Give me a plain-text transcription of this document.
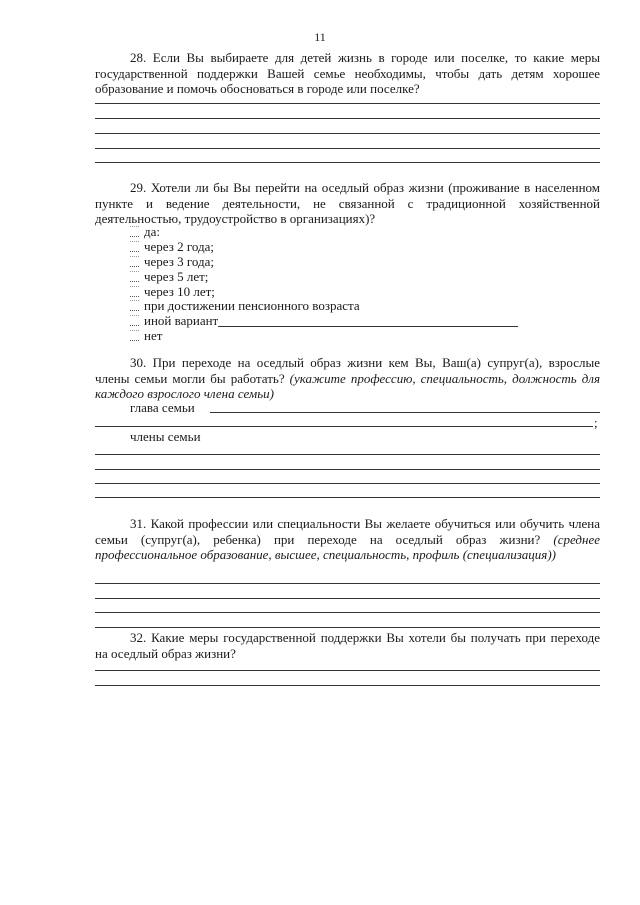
11

28. Если Вы выбираете для детей жизнь в городе или поселке, то какие меры государственной поддержки Вашей семье необходимы, чтобы дать детям хорошее образование и помочь обосноваться в городе или поселке?

29. Хотели ли бы Вы перейти на оседлый образ жизни (проживание в населенном пункте и ведение деятельности, не связанной с традиционной хозяйственной деятельностью, трудоустройство в организациях)?

да:
через 2 года;
через 3 года;
через 5 лет;
через 10 лет;
при достижении пенсионного возраста
иной вариант
нет

30. При переходе на оседлый образ жизни кем Вы, Ваш(а) супруг(а), взрослые члены семьи могли бы работать? (укажите профессию, специальность, должность для каждого взрослого члена семьи)

глава семьи
;
члены семьи

31. Какой профессии или специальности Вы желаете обучиться или обучить члена семьи (супруг(а), ребенка) при переходе на оседлый образ жизни? (среднее профессиональное образование, высшее, специальность, профиль (специализация))

32. Какие меры государственной поддержки Вы хотели бы получать при переходе на оседлый образ жизни?
